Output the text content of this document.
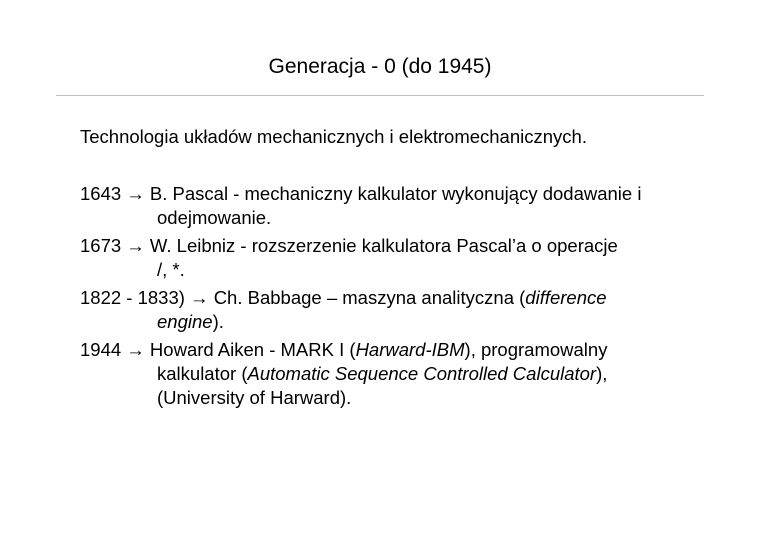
Generacja - 0 (do 1945)
Technologia układów mechanicznych i elektromechanicznych.
1643 → B. Pascal - mechaniczny kalkulator wykonujący dodawanie i
odejmowanie.
1673 → W. Leibniz - rozszerzenie kalkulatora Pascal’a o operacje
/, *.
1822 - 1833) → Ch. Babbage – maszyna analityczna (difference
engine).
1944 → Howard Aiken - MARK I (Harward-IBM), programowalny
kalkulator (Automatic Sequence Controlled Calculator),
(University of Harward).
